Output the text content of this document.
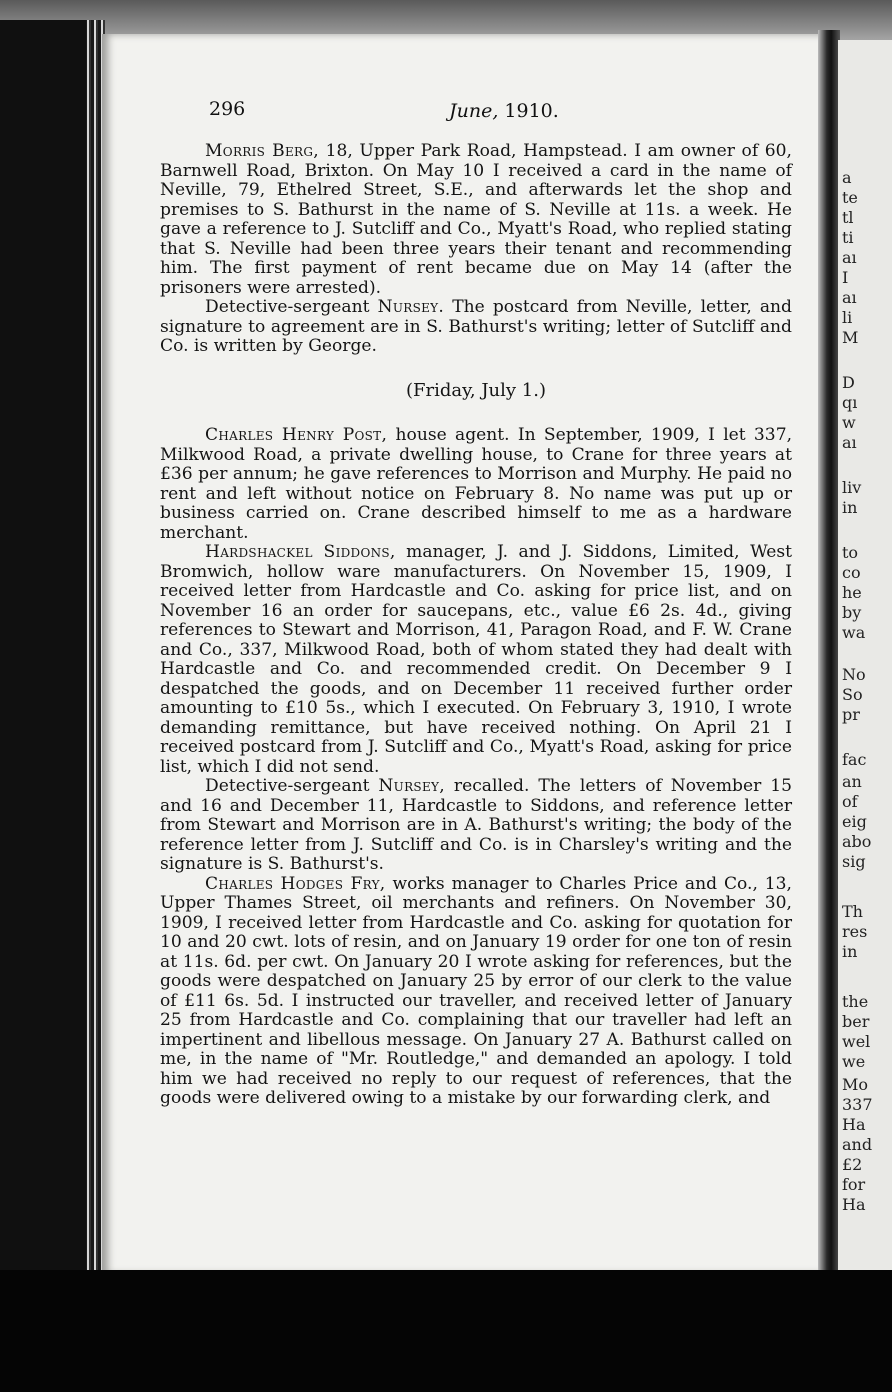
296	June, 1910.

Morris Berg, 18, Upper Park Road, Hampstead. I am owner of 60, Barnwell Road, Brixton. On May 10 I received a card in the name of Neville, 79, Ethelred Street, S.E., and afterwards let the shop and premises to S. Bathurst in the name of S. Neville at 11s. a week. He gave a reference to J. Sutcliff and Co., Myatt's Road, who replied stating that S. Neville had been three years their tenant and recommending him. The first payment of rent became due on May 14 (after the prisoners were arrested).

Detective-sergeant Nursey. The postcard from Neville, letter, and signature to agreement are in S. Bathurst's writing; letter of Sutcliff and Co. is written by George.

(Friday, July 1.)

Charles Henry Post, house agent. In September, 1909, I let 337, Milkwood Road, a private dwelling house, to Crane for three years at £36 per annum; he gave references to Morrison and Murphy. He paid no rent and left without notice on February 8. No name was put up or business carried on. Crane described himself to me as a hardware merchant.

Hardshackel Siddons, manager, J. and J. Siddons, Limited, West Bromwich, hollow ware manufacturers. On November 15, 1909, I received letter from Hardcastle and Co. asking for price list, and on November 16 an order for saucepans, etc., value £6 2s. 4d., giving references to Stewart and Morrison, 41, Paragon Road, and F. W. Crane and Co., 337, Milkwood Road, both of whom stated they had dealt with Hardcastle and Co. and recommended credit. On December 9 I despatched the goods, and on December 11 received further order amounting to £10 5s., which I executed. On February 3, 1910, I wrote demanding remittance, but have received nothing. On April 21 I received postcard from J. Sutcliff and Co., Myatt's Road, asking for price list, which I did not send.

Detective-sergeant Nursey, recalled. The letters of November 15 and 16 and December 11, Hardcastle to Siddons, and reference letter from Stewart and Morrison are in A. Bathurst's writing; the body of the reference letter from J. Sutcliff and Co. is in Charsley's writing and the signature is S. Bathurst's.

Charles Hodges Fry, works manager to Charles Price and Co., 13, Upper Thames Street, oil merchants and refiners. On November 30, 1909, I received letter from Hardcastle and Co. asking for quotation for 10 and 20 cwt. lots of resin, and on January 19 order for one ton of resin at 11s. 6d. per cwt. On January 20 I wrote asking for references, but the goods were despatched on January 25 by error of our clerk to the value of £11 6s. 5d. I instructed our traveller, and received letter of January 25 from Hardcastle and Co. complaining that our traveller had left an impertinent and libellous message. On January 27 A. Bathurst called on me, in the name of "Mr. Routledge," and demanded an apology. I told him we had received no reply to our request of references, that the goods were delivered owing to a mistake by our forwarding clerk, and

a
te
tl
ti
aı
I
aı
li
M
D
qı
w
aı
liv
in
to
co
he
by
wa
No
So
pr
fac
an
of
eig
abo
sig
Th
res
in
the
ber
wel
we
Mo
337
Ha
and
£2
for
Ha
